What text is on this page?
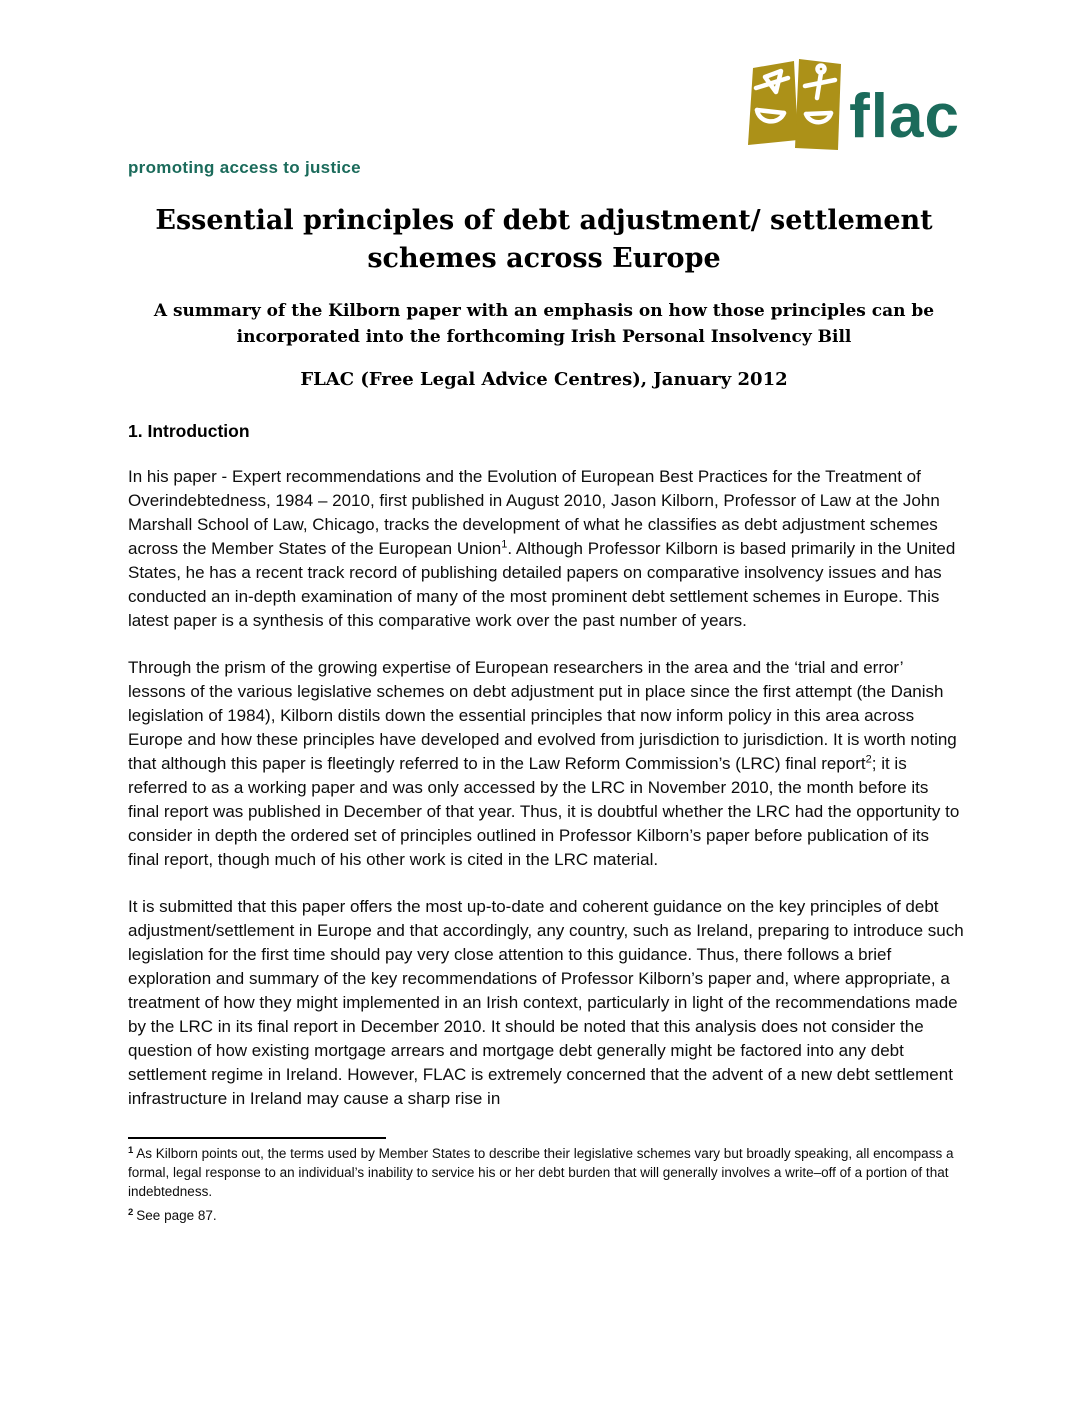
flac
promoting access to justice
Essential principles of debt adjustment/ settlement
schemes across Europe
A summary of the Kilborn paper with an emphasis on how those principles can be
incorporated into the forthcoming Irish Personal Insolvency Bill
FLAC (Free Legal Advice Centres), January 2012
1. Introduction

In his paper - Expert recommendations and the Evolution of European Best Practices for the Treatment of Overindebtedness, 1984 – 2010, first published in August 2010, Jason Kilborn, Professor of Law at the John Marshall School of Law, Chicago, tracks the development of what he classifies as debt adjustment schemes across the Member States of the European Union$^1$. Although Professor Kilborn is based primarily in the United States, he has a recent track record of publishing detailed papers on comparative insolvency issues and has conducted an in-depth examination of many of the most prominent debt settlement schemes in Europe. This latest paper is a synthesis of this comparative work over the past number of years.

Through the prism of the growing expertise of European researchers in the area and the ‘trial and error’ lessons of the various legislative schemes on debt adjustment put in place since the first attempt (the Danish legislation of 1984), Kilborn distils down the essential principles that now inform policy in this area across Europe and how these principles have developed and evolved from jurisdiction to jurisdiction. It is worth noting that although this paper is fleetingly referred to in the Law Reform Commission’s (LRC) final report$^2$; it is referred to as a working paper and was only accessed by the LRC in November 2010, the month before its final report was published in December of that year. Thus, it is doubtful whether the LRC had the opportunity to consider in depth the ordered set of principles outlined in Professor Kilborn’s paper before publication of its final report, though much of his other work is cited in the LRC material.

It is submitted that this paper offers the most up-to-date and coherent guidance on the key principles of debt adjustment/settlement in Europe and that accordingly, any country, such as Ireland, preparing to introduce such legislation for the first time should pay very close attention to this guidance. Thus, there follows a brief exploration and summary of the key recommendations of Professor Kilborn’s paper and, where appropriate, a treatment of how they might implemented in an Irish context, particularly in light of the recommendations made by the LRC in its final report in December 2010. It should be noted that this analysis does not consider the question of how existing mortgage arrears and mortgage debt generally might be factored into any debt settlement regime in Ireland. However, FLAC is extremely concerned that the advent of a new debt settlement infrastructure in Ireland may cause a sharp rise in

$^1$ As Kilborn points out, the terms used by Member States to describe their legislative schemes vary but broadly speaking, all encompass a formal, legal response to an individual’s inability to service his or her debt burden that will generally involves a write–off of a portion of that indebtedness.
$^2$ See page 87.
